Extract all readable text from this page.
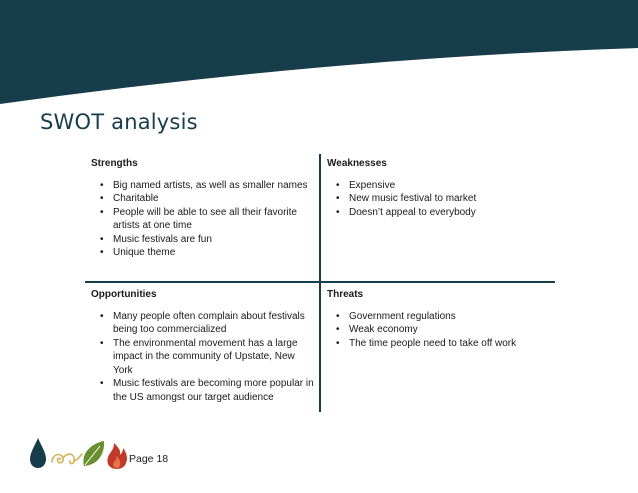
SWOT analysis
Strengths
• Big named artists, as well as smaller names
• Charitable
• People will be able to see all their favorite artists at one time
• Music festivals are fun
• Unique theme
Weaknesses
• Expensive
• New music festival to market
• Doesn’t appeal to everybody
Opportunities
• Many people often complain about festivals being too commercialized
• The environmental movement has a large impact in the community of Upstate, New York
• Music festivals are becoming more popular in the US amongst our target audience
Threats
• Government regulations
• Weak economy
• The time people need to take off work
Page 18
